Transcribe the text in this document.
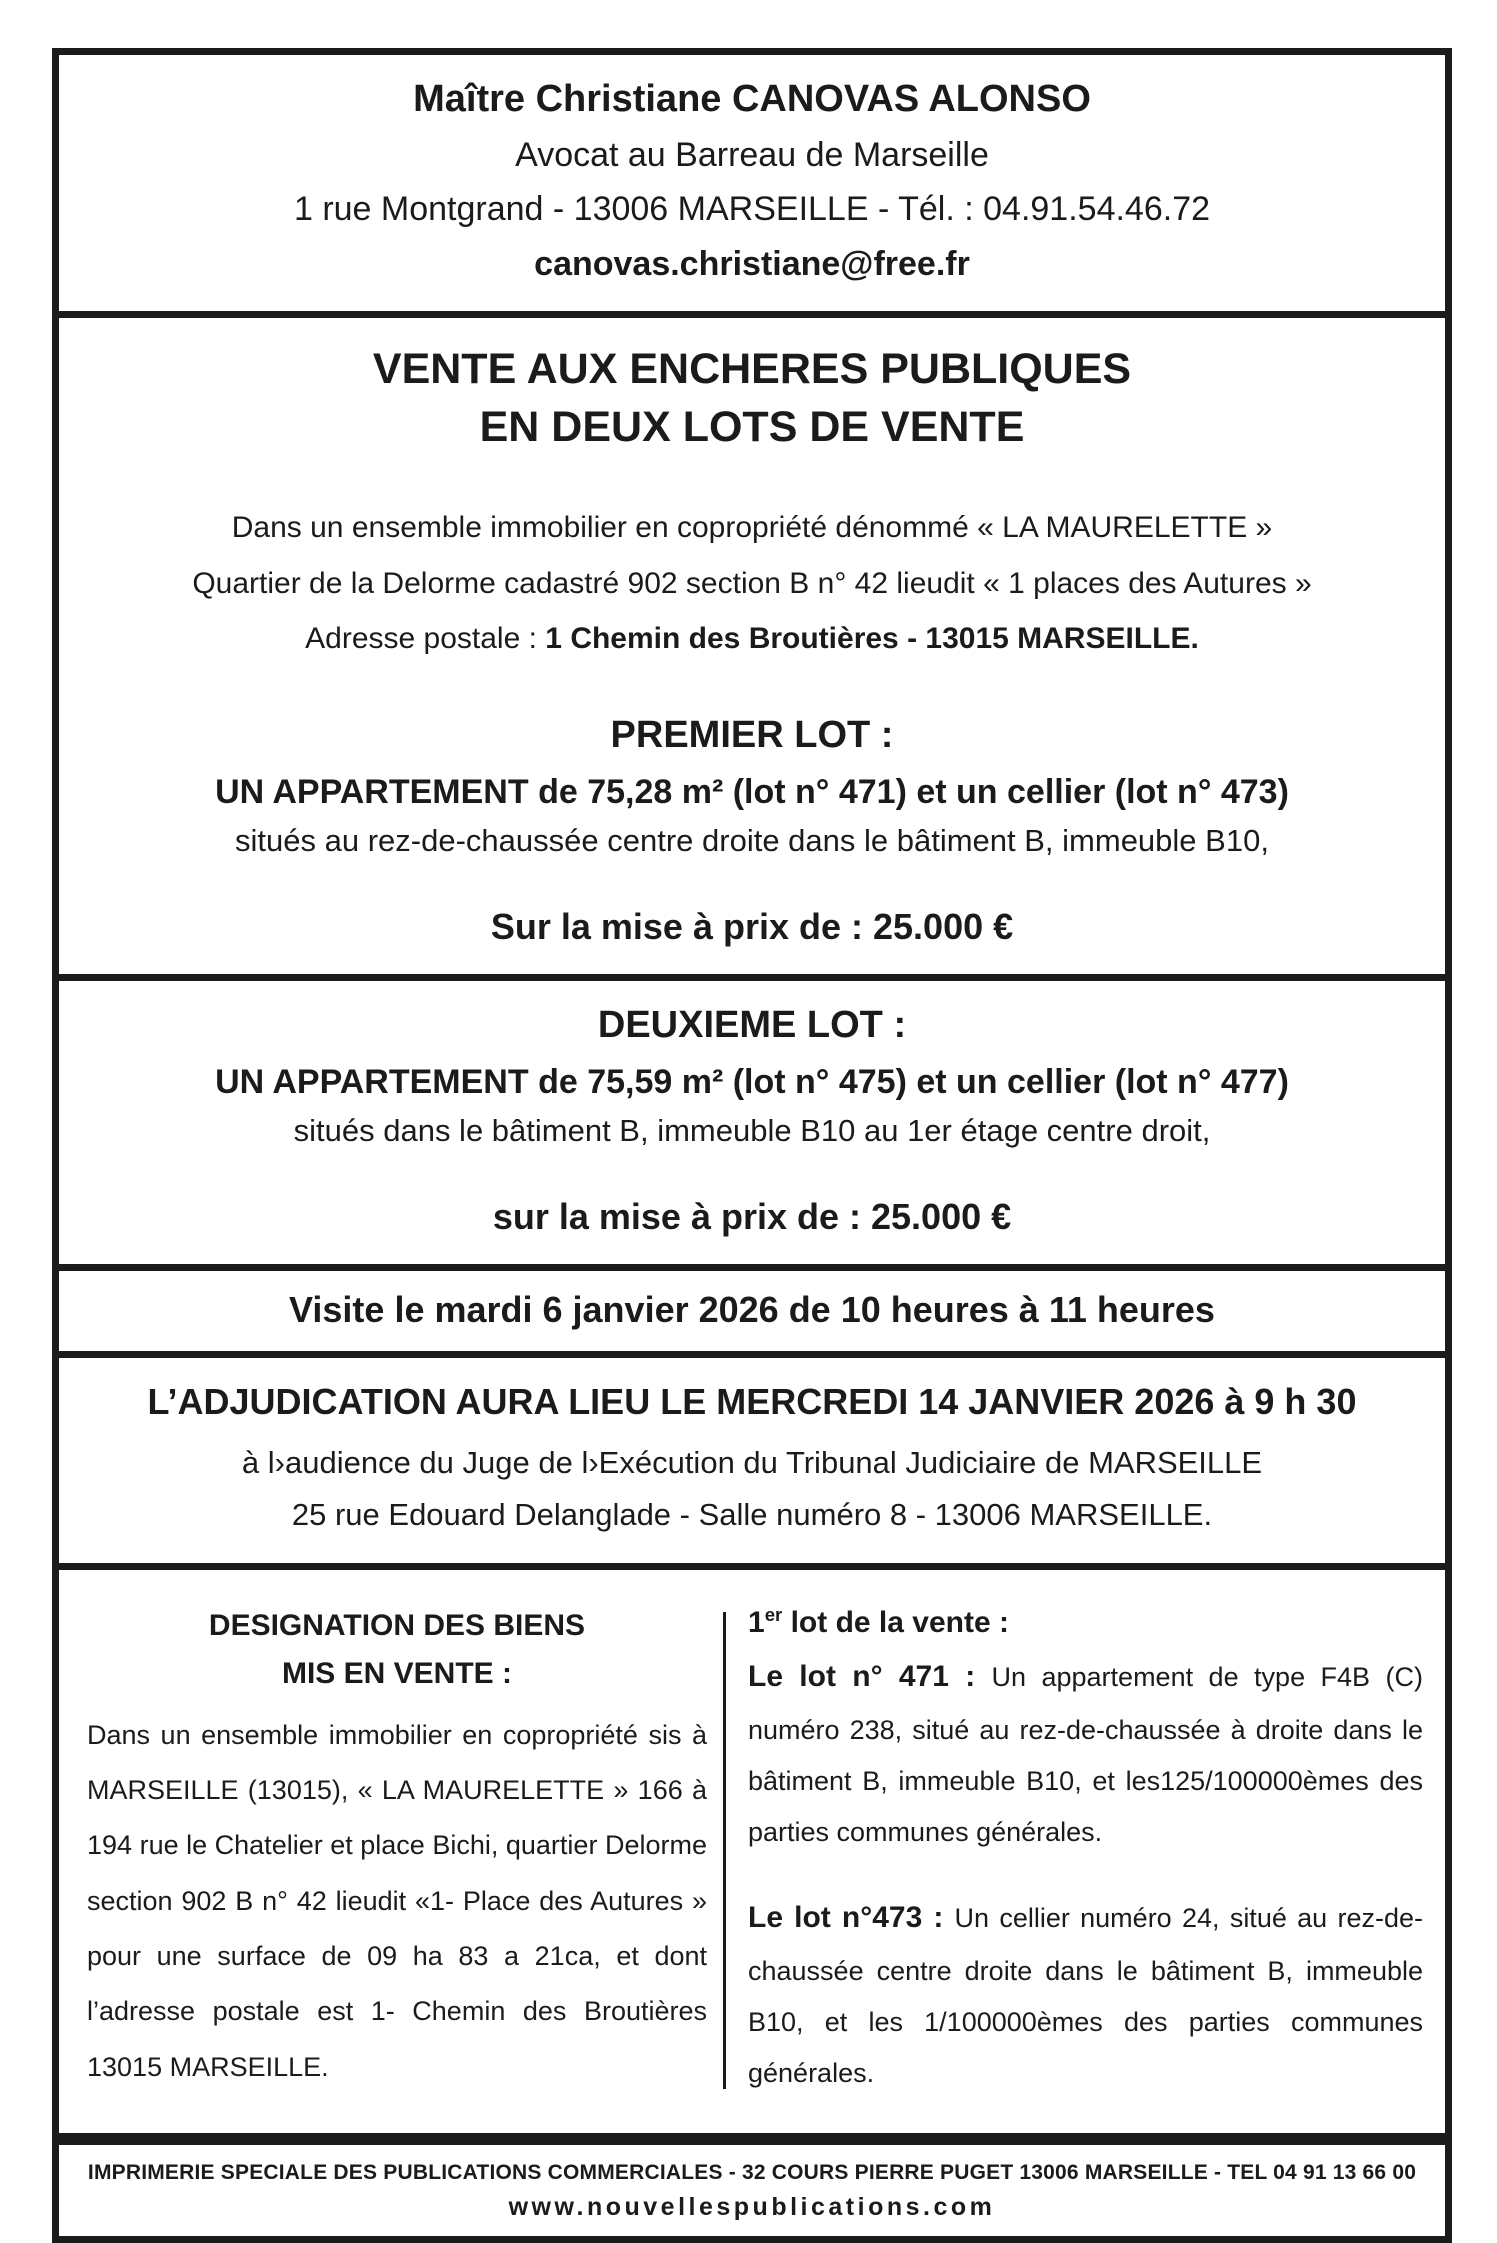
Maître Christiane CANOVAS ALONSO
Avocat au Barreau de Marseille
1 rue Montgrand - 13006 MARSEILLE - Tél. : 04.91.54.46.72
canovas.christiane@free.fr
VENTE AUX ENCHERES PUBLIQUES
EN DEUX LOTS DE VENTE
Dans un ensemble immobilier en copropriété dénommé « LA MAURELETTE »
Quartier de la Delorme cadastré 902 section B n° 42 lieudit « 1 places des Autures »
Adresse postale : 1 Chemin des Broutières - 13015 MARSEILLE.
PREMIER LOT :
UN APPARTEMENT de 75,28 m² (lot n° 471) et un cellier (lot n° 473)
situés au rez-de-chaussée centre droite dans le bâtiment B, immeuble B10,
Sur la mise à prix de : 25.000 €
DEUXIEME LOT :
UN APPARTEMENT de 75,59 m² (lot n° 475) et un cellier (lot n° 477)
situés dans le bâtiment B, immeuble B10 au 1er étage centre droit,
sur la mise à prix de : 25.000 €
Visite le mardi 6 janvier 2026 de 10 heures à 11 heures
L’ADJUDICATION AURA LIEU LE MERCREDI 14 JANVIER 2026 à 9 h 30
à l›audience du Juge de l›Exécution du Tribunal Judiciaire de MARSEILLE
25 rue Edouard Delanglade - Salle numéro 8 - 13006 MARSEILLE.
DESIGNATION DES BIENS
MIS EN VENTE :
Dans un ensemble immobilier en copropriété sis à MARSEILLE (13015), « LA MAURELETTE » 166 à 194 rue le Chatelier et place Bichi, quartier Delorme section 902 B n° 42 lieudit «1- Place des Autures » pour une surface de 09 ha 83 a 21ca, et dont l’adresse postale est 1- Chemin des Broutières 13015 MARSEILLE.
1er lot de la vente :

Le lot n° 471 : Un appartement de type F4B (C) numéro 238, situé au rez-de-chaussée à droite dans le bâtiment B, immeuble B10, et les125/100000èmes des parties communes générales.

Le lot n°473 : Un cellier numéro 24, situé au rez-de-chaussée centre droite dans le bâtiment B, immeuble B10, et les 1/100000èmes des parties communes générales.

IMPRIMERIE SPECIALE DES PUBLICATIONS COMMERCIALES - 32 COURS PIERRE PUGET 13006 MARSEILLE - TEL 04 91 13 66 00
www.nouvellespublications.com
